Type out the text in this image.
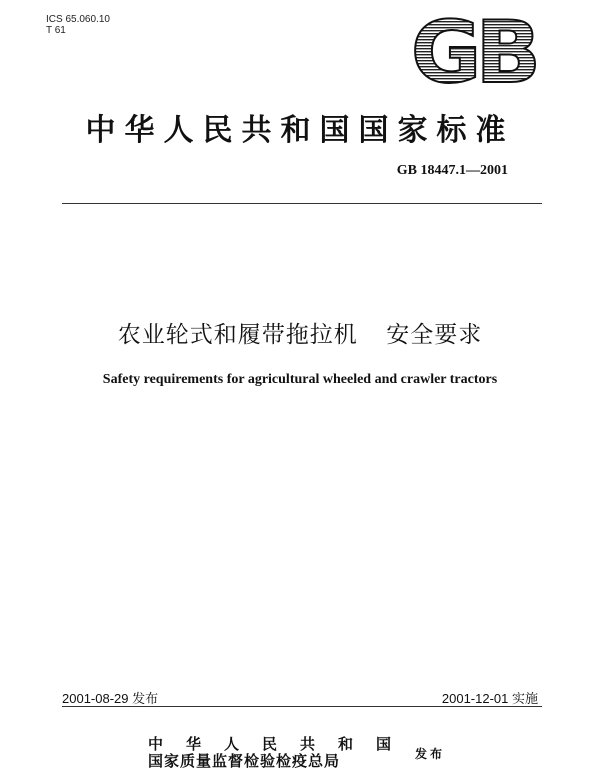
ICS 65.060.10
T 61	GB
中华人民共和国国家标准
GB 18447.1—2001
农业轮式和履带拖拉机  安全要求
Safety requirements for agricultural wheeled and crawler tractors
2001-08-29 发布	2001-12-01 实施
中华人民共和国
国家质量监督检验检疫总局	发布
